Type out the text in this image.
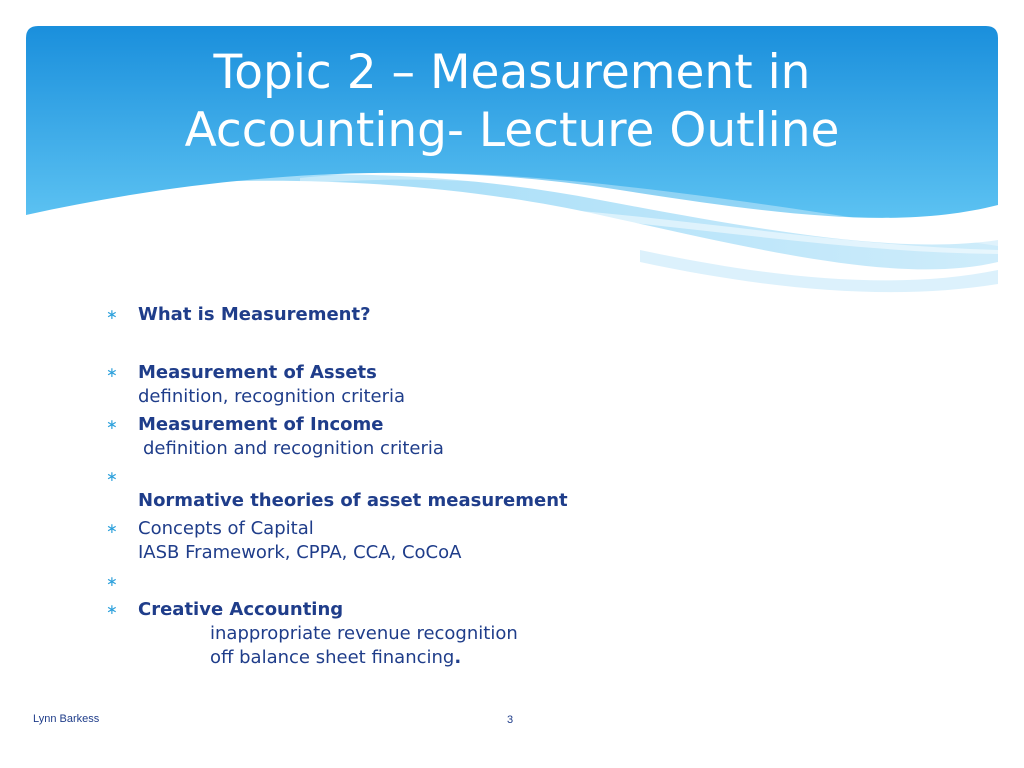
Topic 2 – Measurement in
Accounting- Lecture Outline
∗	What is Measurement?
∗	Measurement of Assets
definition, recognition criteria
∗	Measurement of Income
definition and recognition criteria
∗
Normative theories of asset measurement
∗	Concepts of Capital
IASB Framework, CPPA, CCA, CoCoA
∗
∗	Creative Accounting
inappropriate revenue recognition
off balance sheet financing.
Lynn Barkess	3
